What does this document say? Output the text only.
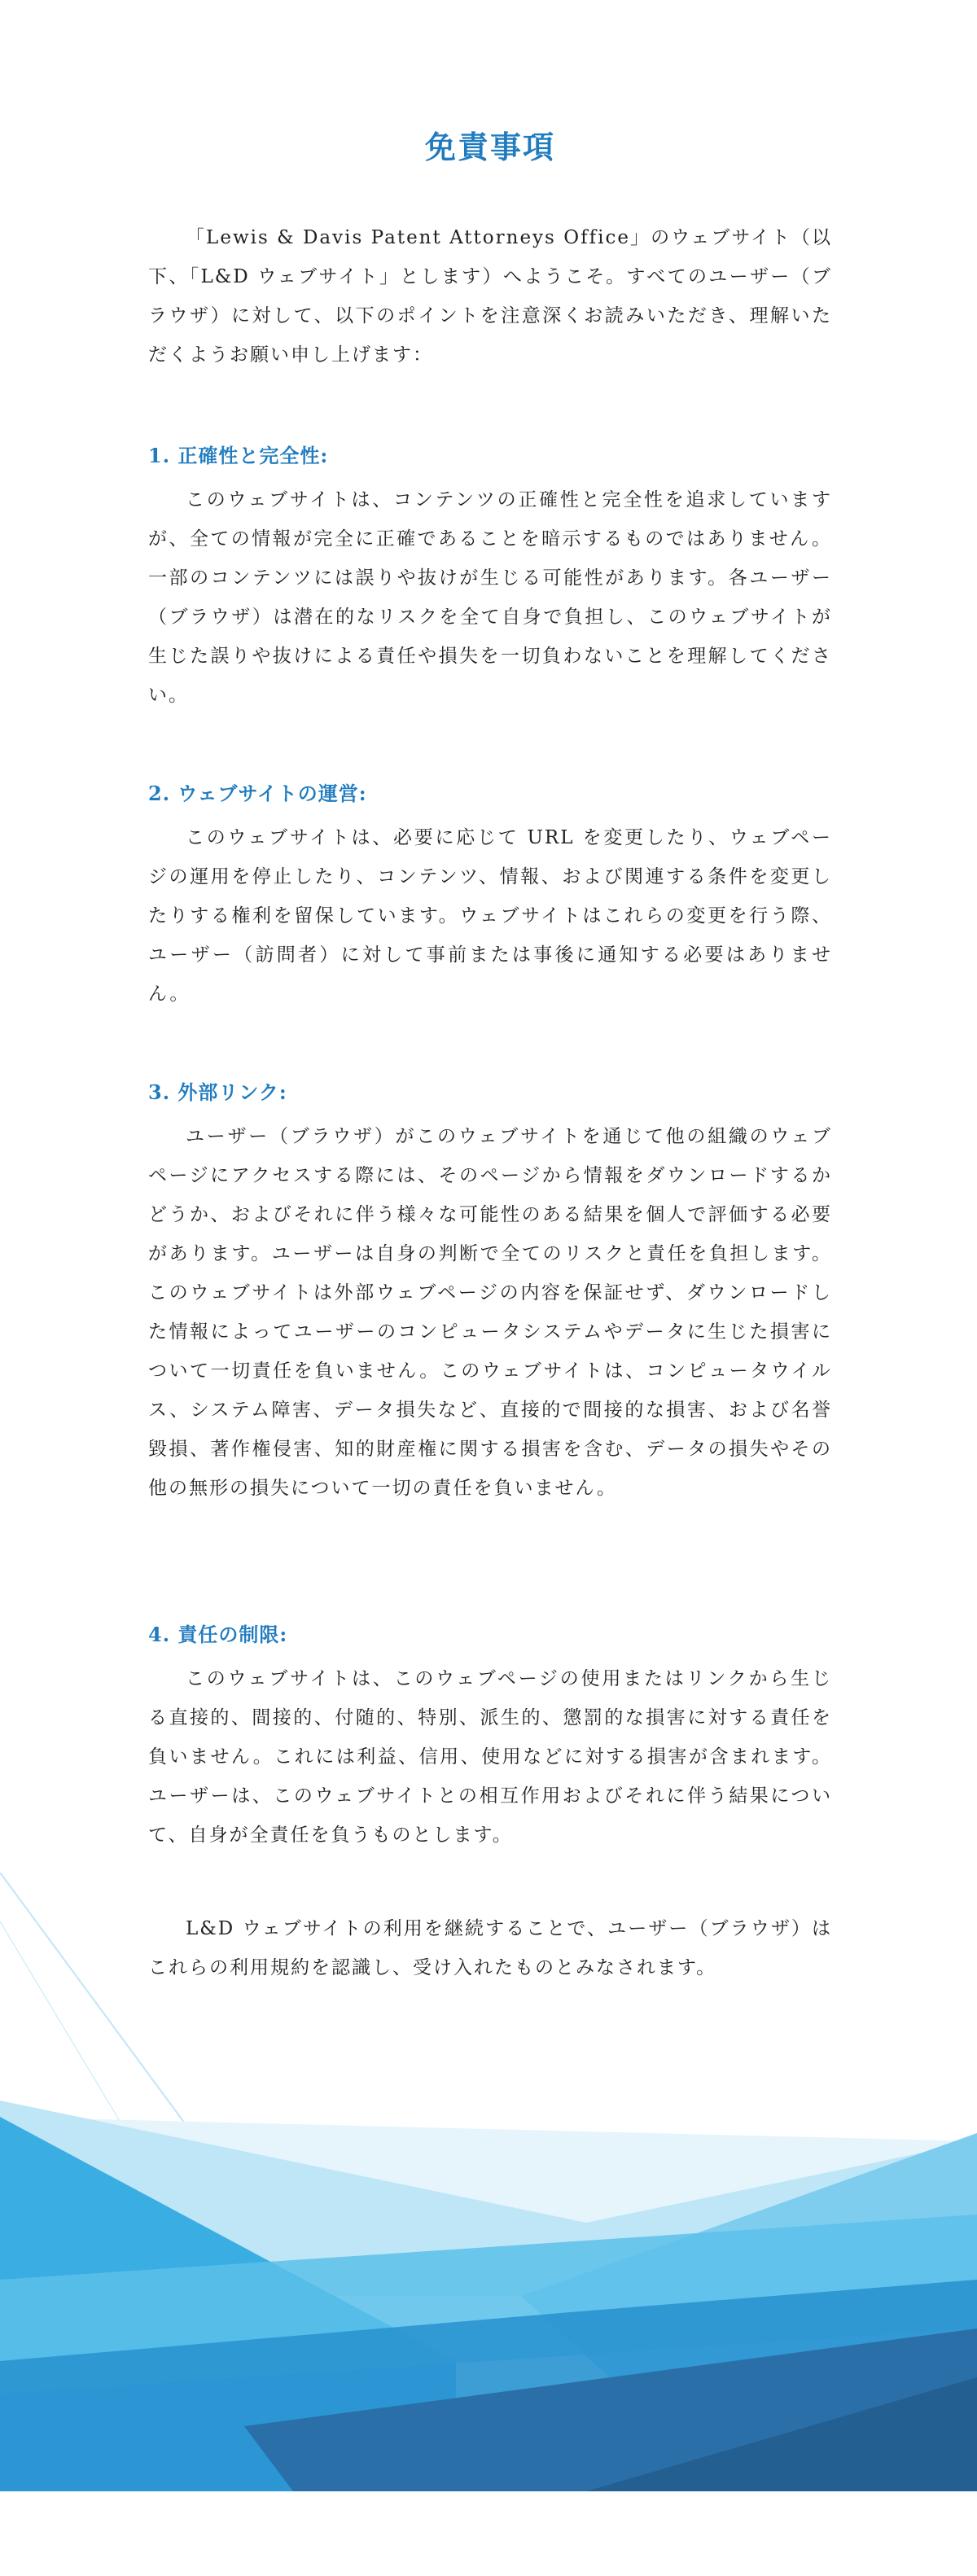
免責事項

「Lewis & Davis Patent Attorneys Office」のウェブサイト（以下、「L&D ウェブサイト」とします）へようこそ。すべてのユーザー（ブラウザ）に対して、以下のポイントを注意深くお読みいただき、理解いただくようお願い申し上げます：

1. 正確性と完全性:

このウェブサイトは、コンテンツの正確性と完全性を追求していますが、全ての情報が完全に正確であることを暗示するものではありません。一部のコンテンツには誤りや抜けが生じる可能性があります。各ユーザー（ブラウザ）は潜在的なリスクを全て自身で負担し、このウェブサイトが生じた誤りや抜けによる責任や損失を一切負わないことを理解してください。

2. ウェブサイトの運営:

このウェブサイトは、必要に応じて URL を変更したり、ウェブページの運用を停止したり、コンテンツ、情報、および関連する条件を変更したりする権利を留保しています。ウェブサイトはこれらの変更を行う際、ユーザー（訪問者）に対して事前または事後に通知する必要はありません。

3. 外部リンク:

ユーザー（ブラウザ）がこのウェブサイトを通じて他の組織のウェブページにアクセスする際には、そのページから情報をダウンロードするかどうか、およびそれに伴う様々な可能性のある結果を個人で評価する必要があります。ユーザーは自身の判断で全てのリスクと責任を負担します。このウェブサイトは外部ウェブページの内容を保証せず、ダウンロードした情報によってユーザーのコンピュータシステムやデータに生じた損害について一切責任を負いません。このウェブサイトは、コンピュータウイルス、システム障害、データ損失など、直接的で間接的な損害、および名誉毀損、著作権侵害、知的財産権に関する損害を含む、データの損失やその他の無形の損失について一切の責任を負いません。

4. 責任の制限:

このウェブサイトは、このウェブページの使用またはリンクから生じる直接的、間接的、付随的、特別、派生的、懲罰的な損害に対する責任を負いません。これには利益、信用、使用などに対する損害が含まれます。ユーザーは、このウェブサイトとの相互作用およびそれに伴う結果について、自身が全責任を負うものとします。

L&D ウェブサイトの利用を継続することで、ユーザー（ブラウザ）はこれらの利用規約を認識し、受け入れたものとみなされます。
